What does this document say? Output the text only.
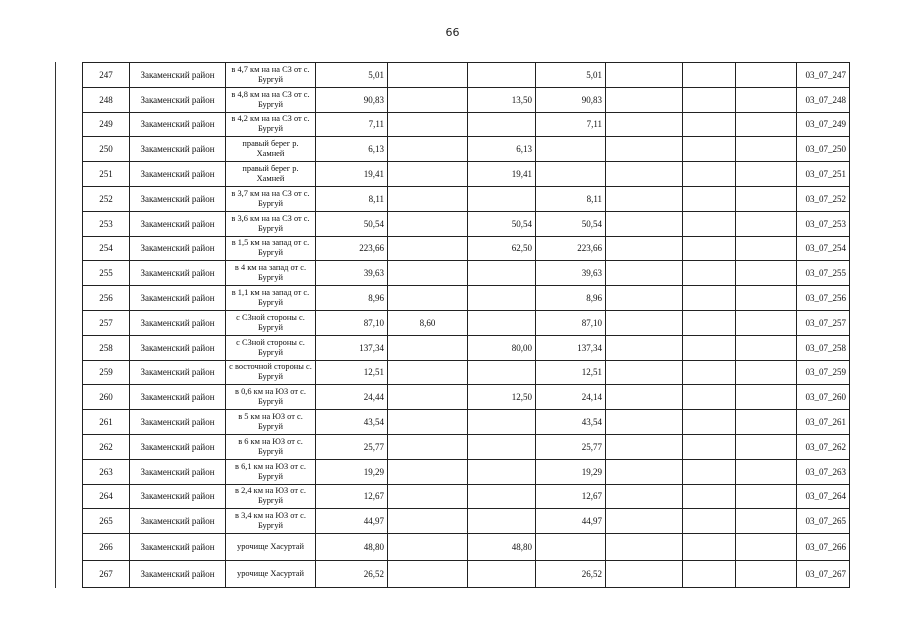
66
247	Закаменский район	в 4,7 км на на СЗ от с. Бургуй	5,01			5,01				03_07_247
248	Закаменский район	в 4,8 км на на СЗ от с. Бургуй	90,83		13,50	90,83				03_07_248
249	Закаменский район	в 4,2 км на на СЗ от с. Бургуй	7,11			7,11				03_07_249
250	Закаменский район	правый берег р. Хамней	6,13		6,13					03_07_250
251	Закаменский район	правый берег р. Хамней	19,41		19,41					03_07_251
252	Закаменский район	в 3,7 км на на СЗ от с. Бургуй	8,11			8,11				03_07_252
253	Закаменский район	в 3,6 км на на СЗ от с. Бургуй	50,54		50,54	50,54				03_07_253
254	Закаменский район	в 1,5 км на запад от с. Бургуй	223,66		62,50	223,66				03_07_254
255	Закаменский район	в 4 км на запад от с. Бургуй	39,63			39,63				03_07_255
256	Закаменский район	в 1,1 км на запад от с. Бургуй	8,96			8,96				03_07_256
257	Закаменский район	с СЗной стороны с. Бургуй	87,10	8,60		87,10				03_07_257
258	Закаменский район	с СЗной стороны с. Бургуй	137,34		80,00	137,34				03_07_258
259	Закаменский район	с восточной стороны с. Бургуй	12,51			12,51				03_07_259
260	Закаменский район	в 0,6 км на ЮЗ от с. Бургуй	24,44		12,50	24,14				03_07_260
261	Закаменский район	в 5 км на ЮЗ от с. Бургуй	43,54			43,54				03_07_261
262	Закаменский район	в 6 км на ЮЗ от с. Бургуй	25,77			25,77				03_07_262
263	Закаменский район	в 6,1 км на ЮЗ от с. Бургуй	19,29			19,29				03_07_263
264	Закаменский район	в 2,4 км на ЮЗ от с. Бургуй	12,67			12,67				03_07_264
265	Закаменский район	в 3,4 км на ЮЗ от с. Бургуй	44,97			44,97				03_07_265
266	Закаменский район	урочище Хасуртай	48,80		48,80					03_07_266
267	Закаменский район	урочище Хасуртай	26,52			26,52				03_07_267
